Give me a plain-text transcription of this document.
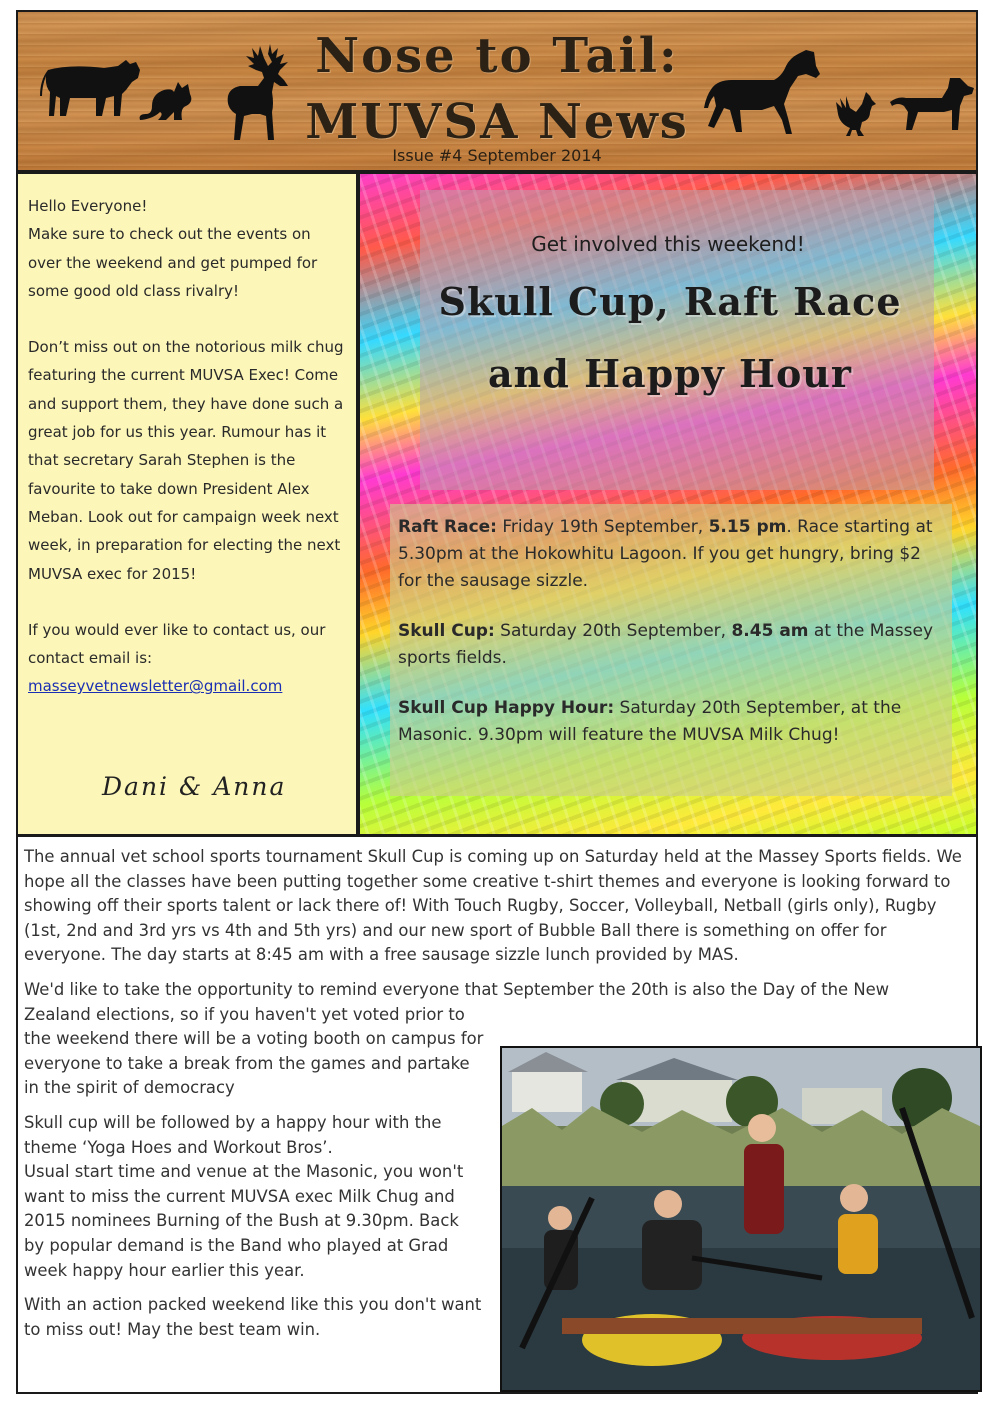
Nose to Tail:
MUVSA News

Issue #4 September 2014

Hello Everyone!

Make sure to check out the events on over the weekend and get pumped for some good old class rivalry!

Don’t miss out on the notorious milk chug featuring the current MUVSA Exec! Come and support them, they have done such a great job for us this year. Rumour has it that secretary Sarah Stephen is the favourite to take down President Alex Meban. Look out for campaign week next week, in preparation for electing the next MUVSA exec for 2015!

If you would ever like to contact us, our contact email is:

masseyvetnewsletter@gmail.com

Dani & Anna

Get involved this weekend!

Skull Cup, Raft Race and Happy Hour

Raft Race: Friday 19th September, 5.15 pm. Race starting at 5.30pm at the Hokowhitu Lagoon. If you get hungry, bring $2 for the sausage sizzle.

Skull Cup: Saturday 20th September, 8.45 am at the Massey sports fields.

Skull Cup Happy Hour: Saturday 20th September, at the Masonic. 9.30pm will feature the MUVSA Milk Chug!

The annual vet school sports tournament Skull Cup is coming up on Saturday held at the Massey Sports fields. We hope all the classes have been putting together some creative t-shirt themes and everyone is looking forward to showing off their sports talent or lack there of! With Touch Rugby, Soccer, Volleyball, Netball (girls only), Rugby (1st, 2nd and 3rd yrs vs 4th and 5th yrs) and our new sport of Bubble Ball there is something on offer for everyone. The day starts at 8:45 am with a free sausage sizzle lunch provided by MAS.

We'd like to take the opportunity to remind everyone that September the 20th is also the Day of the New
Zealand elections, so if you haven't yet voted prior to the weekend there will be a voting booth on campus for everyone to take a break from the games and partake in the spirit of democracy

Skull cup will be followed by a happy hour with the theme ‘Yoga Hoes and Workout Bros’.
Usual start time and venue at the Masonic, you won't want to miss the current MUVSA exec Milk Chug and 2015 nominees Burning of the Bush at 9.30pm. Back by popular demand is the Band who played at Grad week happy hour earlier this year.

With an action packed weekend like this you don't want to miss out! May the best team win.
